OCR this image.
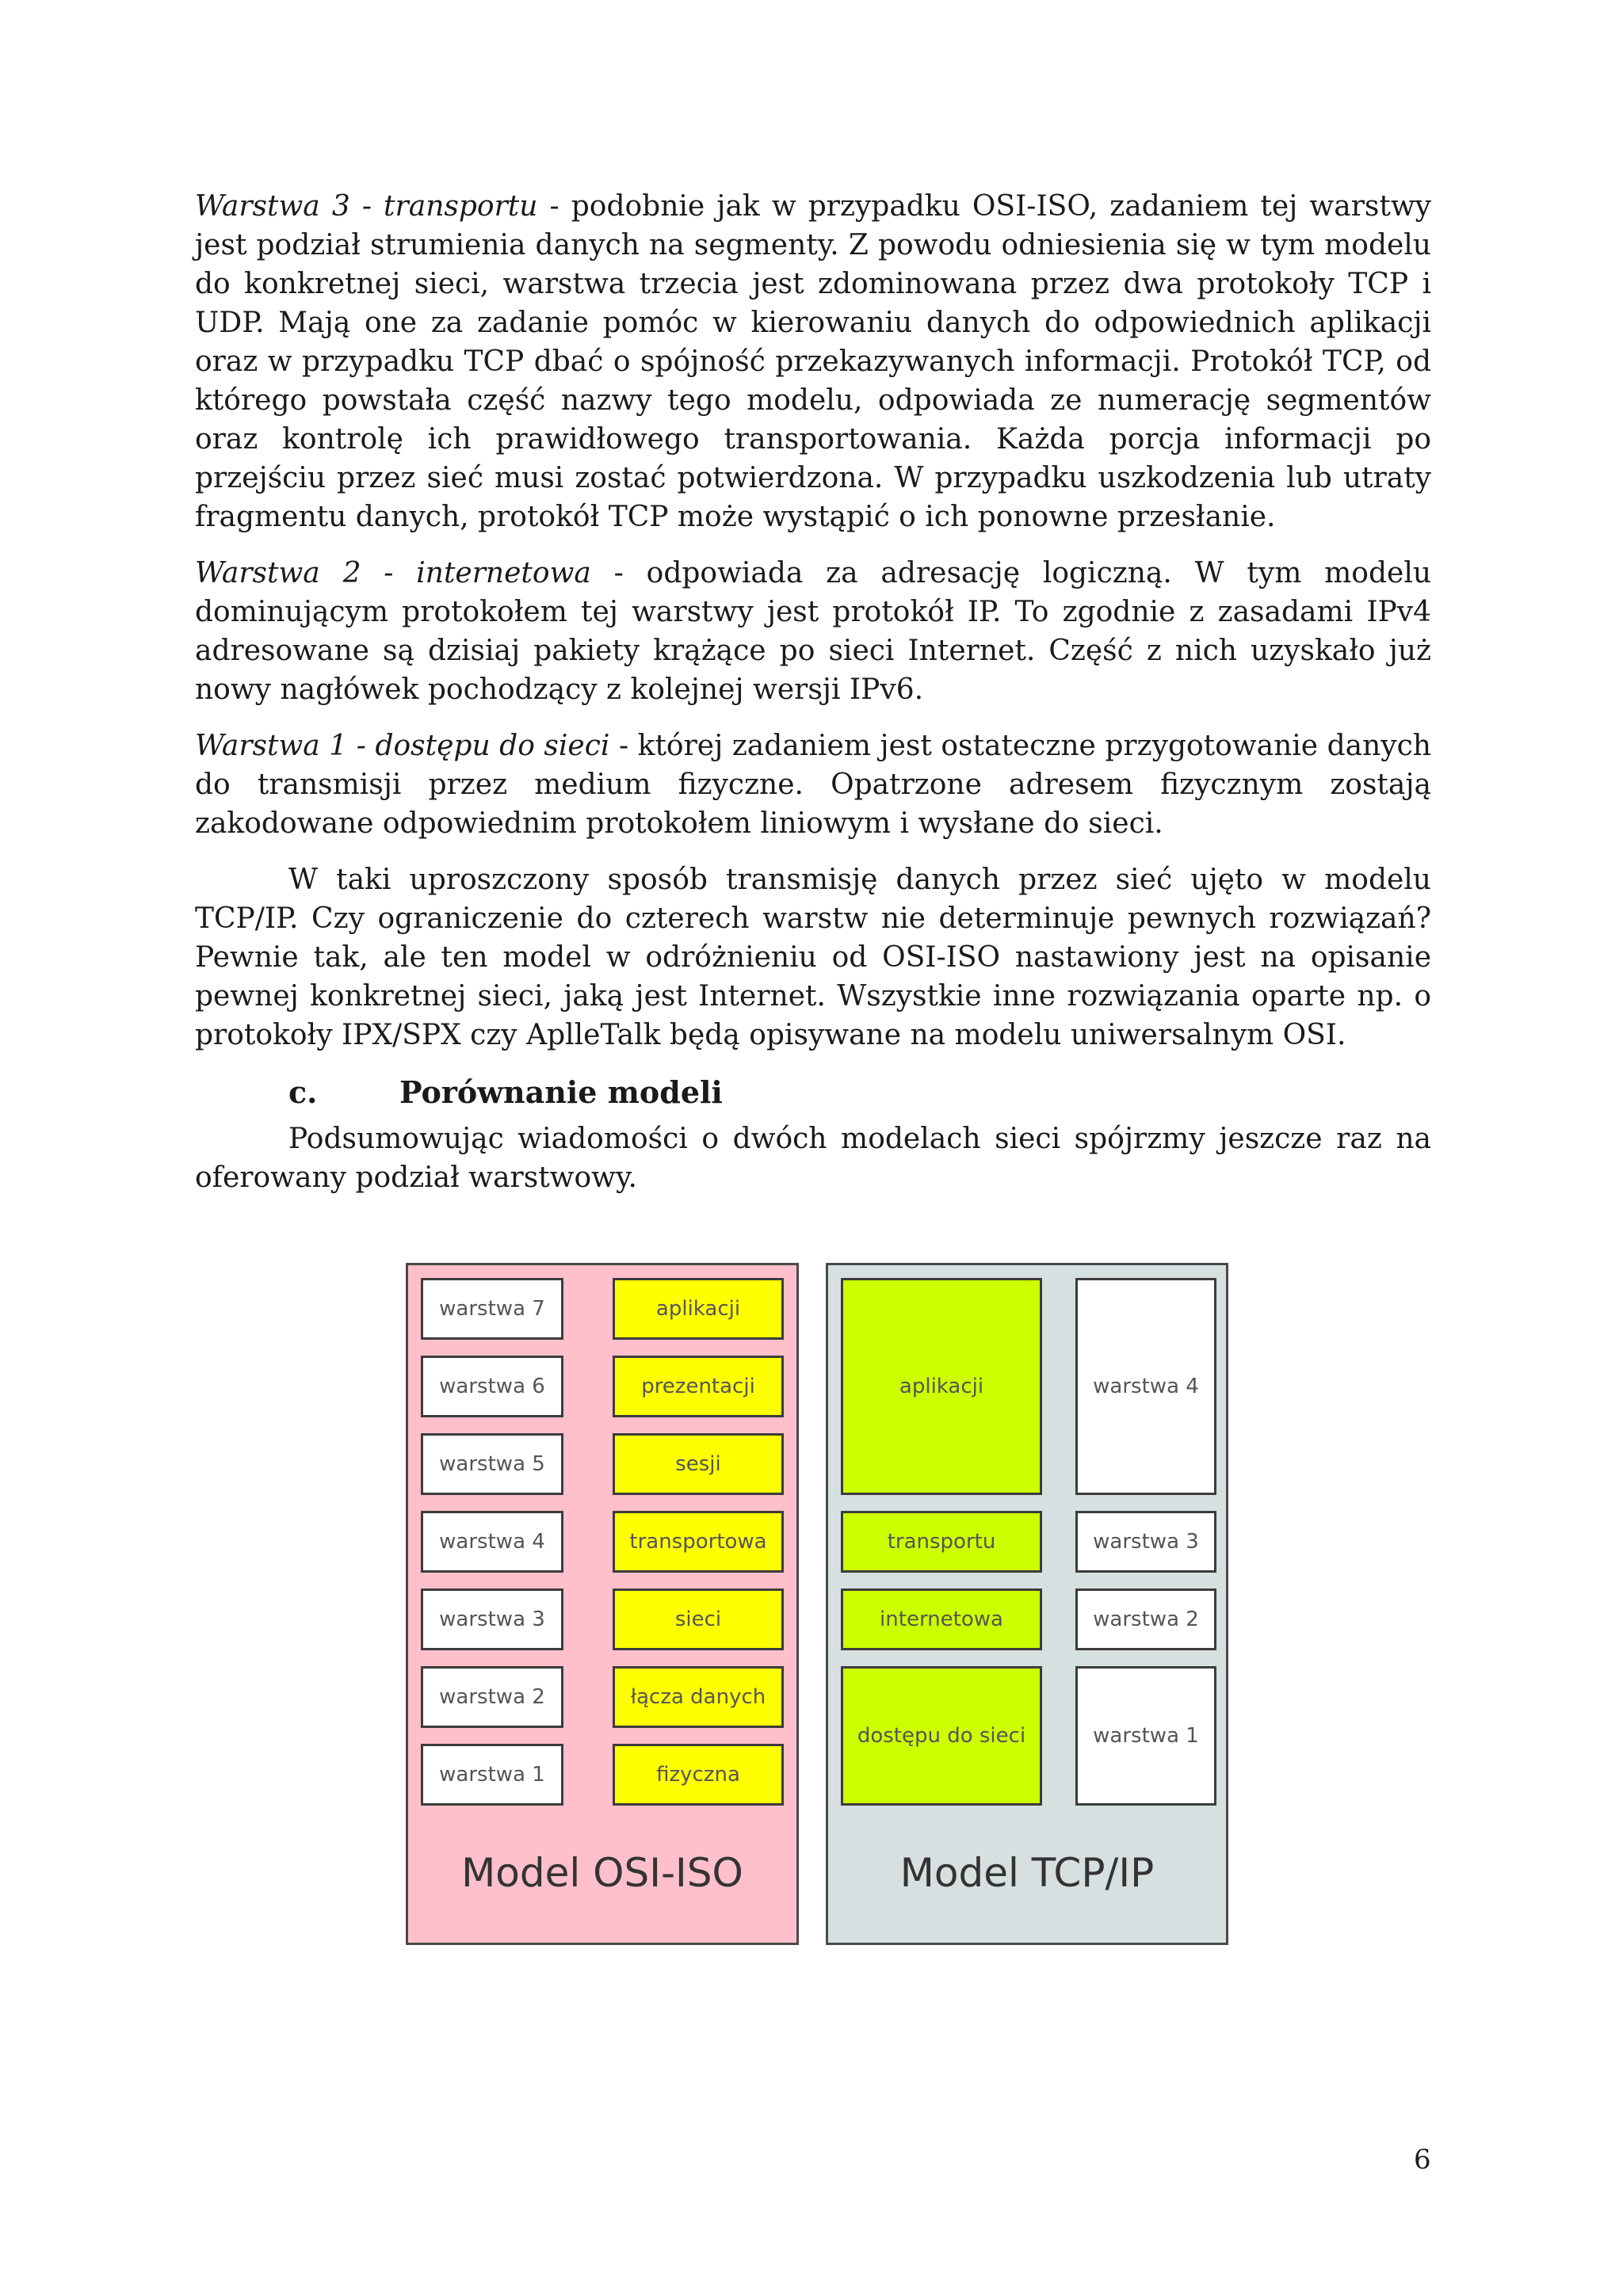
Warstwa 3 - transportu - podobnie jak w przypadku OSI-ISO, zadaniem tej warstwy jest podział strumienia danych na segmenty. Z powodu odniesienia się w tym modelu do konkretnej sieci, warstwa trzecia jest zdominowana przez dwa protokoły TCP i UDP. Mają one za zadanie pomóc w kierowaniu danych do odpowiednich aplikacji oraz w przypadku TCP dbać o spójność przekazywanych informacji. Protokół TCP, od którego powstała część nazwy tego modelu, odpowiada ze numerację segmentów oraz kontrolę ich prawidłowego transportowania. Każda porcja informacji po przejściu przez sieć musi zostać potwierdzona. W przypadku uszkodzenia lub utraty fragmentu danych, protokół TCP może wystąpić o ich ponowne przesłanie.

Warstwa 2 - internetowa - odpowiada za adresację logiczną. W tym modelu dominującym protokołem tej warstwy jest protokół IP. To zgodnie z zasadami IPv4 adresowane są dzisiaj pakiety krążące po sieci Internet. Część z nich uzyskało już nowy nagłówek pochodzący z kolejnej wersji IPv6.

Warstwa 1 - dostępu do sieci - której zadaniem jest ostateczne przygotowanie danych do transmisji przez medium fizyczne. Opatrzone adresem fizycznym zostają zakodowane odpowiednim protokołem liniowym i wysłane do sieci.

W taki uproszczony sposób transmisję danych przez sieć ujęto w modelu TCP/IP. Czy ograniczenie do czterech warstw nie determinuje pewnych rozwiązań? Pewnie tak, ale ten model w odróżnieniu od OSI-ISO nastawiony jest na opisanie pewnej konkretnej sieci, jaką jest Internet. Wszystkie inne rozwiązania oparte np. o protokoły IPX/SPX czy AplleTalk będą opisywane na modelu uniwersalnym OSI.

c.	Porównanie modeli

Podsumowując wiadomości o dwóch modelach sieci spójrzmy jeszcze raz na oferowany podział warstwowy.

warstwa 7	aplikacji
warstwa 6	prezentacji
warstwa 5	sesji
warstwa 4	transportowa
warstwa 3	sieci
warstwa 2	łącza danych
warstwa 1	fizyczna
Model OSI-ISO
aplikacji	warstwa 4
transportu	warstwa 3
internetowa	warstwa 2
dostępu do sieci	warstwa 1
Model TCP/IP
6
